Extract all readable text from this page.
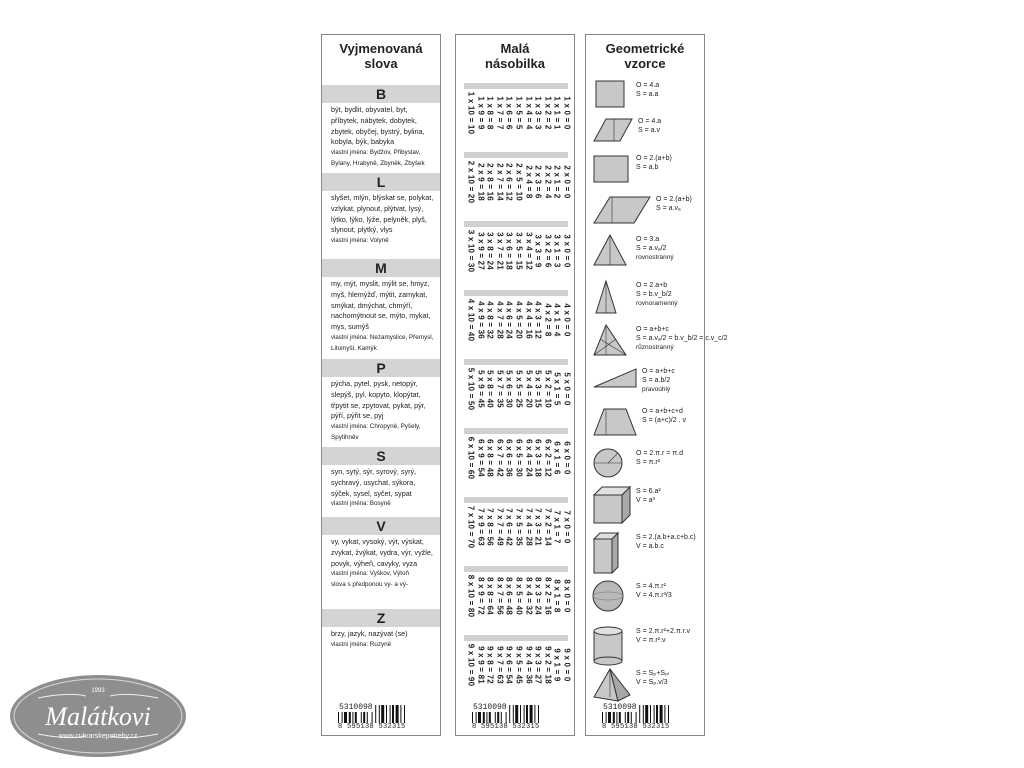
Vyjmenovaná
slova
B
být, bydlit, obyvatel, byt, příbytek, nábytek, dobytek, zbytek, obyčej, bystrý, bylina, kobyla, býk, babyka
vlastní jména: Bydžov, Přibyslav, Bylany, Hrabyně, Zbyněk, Zbyšek
L
slyšet, mlýn, blýskat se, polykat, vzlykat, plynout, plýtvat, lysý, lýtko, lýko, lýže, pelyněk, plyš, slynout, plytký, vlys
vlastní jména: Volyně
M
my, mýt, myslit, mýlit se, hmyz, myš, hlemýžď, mýtit, zamykat, smýkat, dmýchat, chmýří, nachomýtnout se, mýto, mykat, mys, sumýš
vlastní jména: Nezamyslice, Přemysl, Litomyšl, Kamýk
P
pýcha, pytel, pysk, netopýr, slepýš, pyl, kopyto, klopýtat, třpytit se, zpytovat, pykat, pýr, pýří, pýřit se, pyj
vlastní jména: Chropyně, Pyšely, Spytihněv
S
syn, sytý, sýr, syrový, syrý, sychravý, usychat, sýkora, sýček, sysel, syčet, sypat
vlastní jména: Bosyně
V
vy, vykat, vysoký, výt, výskat, zvykat, žvýkat, vydra, výr, vyžle, povyk, výheň, cavyky, vyza
vlastní jména: Vyškov, Výtoň
slova s předponou vy- a vý-
Z
brzy, jazyk, nazývat (se)
vlastní jména: Ruzyně
5310098
8 595138 532315
Malá
násobilka
1 x 0 = 0
1 x 1 = 1
1 x 2 = 2
1 x 3 = 3
1 x 4 = 4
1 x 5 = 5
1 x 6 = 6
1 x 7 = 7
1 x 8 = 8
1 x 9 = 9
1 x 10 = 10
2 x 0 = 0
2 x 1 = 2
2 x 2 = 4
2 x 3 = 6
2 x 4 = 8
2 x 5 = 10
2 x 6 = 12
2 x 7 = 14
2 x 8 = 16
2 x 9 = 18
2 x 10 = 20
3 x 0 = 0
3 x 1 = 3
3 x 2 = 6
3 x 3 = 9
3 x 4 = 12
3 x 5 = 15
3 x 6 = 18
3 x 7 = 21
3 x 8 = 24
3 x 9 = 27
3 x 10 = 30
4 x 0 = 0
4 x 1 = 4
4 x 2 = 8
4 x 3 = 12
4 x 4 = 16
4 x 5 = 20
4 x 6 = 24
4 x 7 = 28
4 x 8 = 32
4 x 9 = 36
4 x 10 = 40
5 x 0 = 0
5 x 1 = 5
5 x 2 = 10
5 x 3 = 15
5 x 4 = 20
5 x 5 = 25
5 x 6 = 30
5 x 7 = 35
5 x 8 = 40
5 x 9 = 45
5 x 10 = 50
6 x 0 = 0
6 x 1 = 6
6 x 2 = 12
6 x 3 = 18
6 x 4 = 24
6 x 5 = 30
6 x 6 = 36
6 x 7 = 42
6 x 8 = 48
6 x 9 = 54
6 x 10 = 60
7 x 0 = 0
7 x 1 = 7
7 x 2 = 14
7 x 3 = 21
7 x 4 = 28
7 x 5 = 35
7 x 6 = 42
7 x 7 = 49
7 x 8 = 56
7 x 9 = 63
7 x 10 = 70
8 x 0 = 0
8 x 1 = 8
8 x 2 = 16
8 x 3 = 24
8 x 4 = 32
8 x 5 = 40
8 x 6 = 48
8 x 7 = 56
8 x 8 = 64
8 x 9 = 72
8 x 10 = 80
9 x 0 = 0
9 x 1 = 9
9 x 2 = 18
9 x 3 = 27
9 x 4 = 36
9 x 5 = 45
9 x 6 = 54
9 x 7 = 63
9 x 8 = 72
9 x 9 = 81
9 x 10 = 90
5310098
8 595138 532315
Geometrické
vzorce
O = 4.a
S = a.a
O = 4.a
S = a.v
O = 2.(a+b)
S = a.b
O = 2.(a+b)
S = a.vₐ
O = 3.a
S = a.vₐ/2
rovnostranný
O = 2.a+b
S = b.v_b/2
rovnoramenný
O = a+b+c
S = a.vₐ/2 = b.v_b/2 = c.v_c/2
různostranný
O = a+b+c
S = a.b/2
pravoúhlý
O = a+b+c+d
S = (a+c)/2 . v
O = 2.π.r = π.d
S = π.r²
S = 6.a²
V = a³
S = 2.(a.b+a.c+b.c)
V = a.b.c
S = 4.π.r²
V = 4.π.r³/3
S = 2.π.r²+2.π.r.v
V = π.r².v
S = Sₚ+Sₚₗ
V = Sₚ.v/3
5310098
8 595138 532315
1993
Malátkovi
www.cukrarskepotreby.cz
